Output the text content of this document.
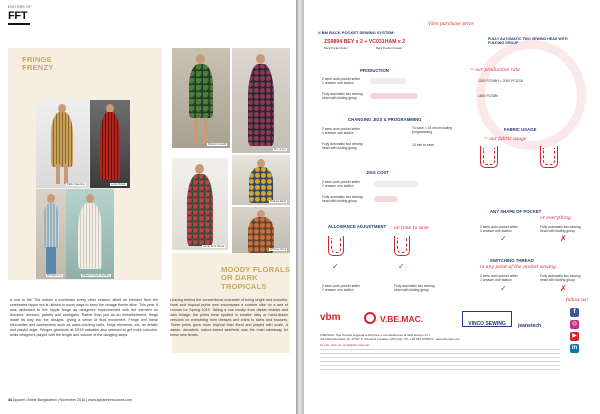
EDITORS OF
FFT
FRINGE FRENZY
Pablo Valentino	Louis Vuitton
Michael Kors	Rebecca Taylor Fashion
Roberto Cavalli
Oscar de la Renta
Kim Jones
Mathew Ward
Whitney Ross
MOODY FLORALS OR DARK TROPICALS
A nod to the '70s makes a comeback every other season, albeit an element from the celebrated hippie era is utilised in novel ways to keep the vintage theme alive. This year, it was dedicated to the hippie fringe as designers experimented with the element on trousers, dresses, jackets and cardigans. Rather than just as an embellishment, fringe made its way into the designs, giving a sense of fluid movement. Fringe lent these silhouettes and accessories such as waist-cinching belts, fringe elements, etc. an artistic and playful edge. Fringed garments at SS19 catwalks also seemed to get more colourful, while designers played with the length and volume of the dangling strips.
Leaving behind the conventional character of being bright and colourful, floral and tropical prints now encompass a sombre vibe on a sea of colours for Spring 2019. Taking a cue mostly from darker shades and dark foliage, the prints were spotted in smaller ditsy or hand-drawn versions on everything from dresses and shirts to skirts and trousers. These prints grew more tropical than floral and played with scale. A darker, decadent, nature-based aesthetic was the main takeaway for these new florals.
44 Apparel Online Bangladesh | November 2018 | www.apparelresources.com
V-BM BACK POCKET SEWING SYSTEM:
Vbm purchase price
ZS9894 BEY x 2 + VC031HAM x 2
Back Pocket Setter	Back Pocket Creaser
FULLY AUTOMATIC TWO SEWING HEAD WITH FOLDING GROUP
PRODUCTION
2 semi-auto pocket setter
1 creaser one station
Fully automatic two sewing
head with folding group
= our production rate
1000 PCS/8H = 2000 PCS/16
1600 PCS/8h
CHANGING JIGS & PROGRAMMING
2 semi-auto pocket setter
1 creaser one station
Fully automatic two sewing
head with folding group
To save = 15 min including programming
10 min to save
FABRIC USAGE
= our fabric usage
JIGS COST
2 semi-auto pocket setter
1 creaser one station
Fully automatic two sewing
head with folding group
ANY SHAPE OF POCKET
or everything
2 semi-auto pocket setter
1 creaser one station
Fully automatic two sewing
head with folding group
✓	✗
ALLOWANCE ADJUSTMENT no time to save
✓	✓
SWITCHING THREAD
in any point of the pocket sewing
2 semi-auto pocket setter
1 creaser one station
Fully automatic two sewing
head with folding group
✓	✗
2 semi-auto pocket setter
1 creaser one station
Fully automatic two sewing
head with folding group
follow us!
f
◎
▶
in
vbm	V.BE.MAC.	VINCO SEWING	jeanstech
V.BE.MAC. Spa Società soggetta a direzione e coordinamento di Jack Europe S.r.l.
Via Maria Piccaluto 16, 27027 S. Giovanni Lupatoto (VR) Italy - Ph. +39 045 9755311 - www.vbemac.com
for info, write us: email@vbemac.com
